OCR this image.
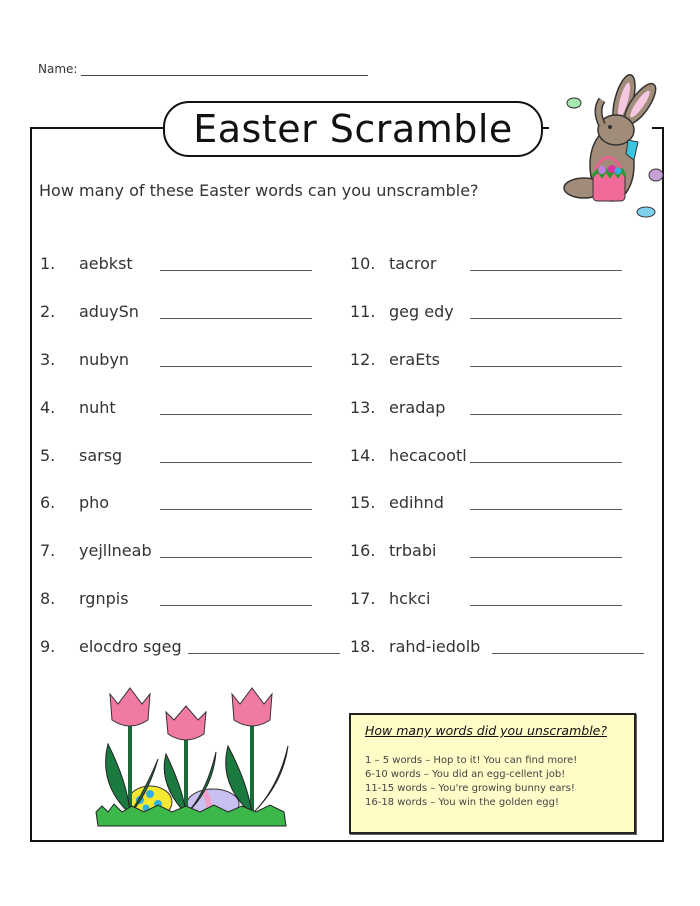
Name:
Easter Scramble
How many of these Easter words can you unscramble?
1. aebkst
2. aduySn
3. nubyn
4. nuht
5. sarsg
6. pho
7. yejllneab
8. rgnpis
9. elocdro sgeg
10. tacror
11. geg edy
12. eraEts
13. eradap
14. hecacootl
15. edihnd
16. trbabi
17. hckci
18. rahd-iedolb
How many words did you unscramble?
1 – 5 words – Hop to it! You can find more!
6-10 words – You did an egg-cellent job!
11-15 words – You're growing bunny ears!
16-18 words – You win the golden egg!
